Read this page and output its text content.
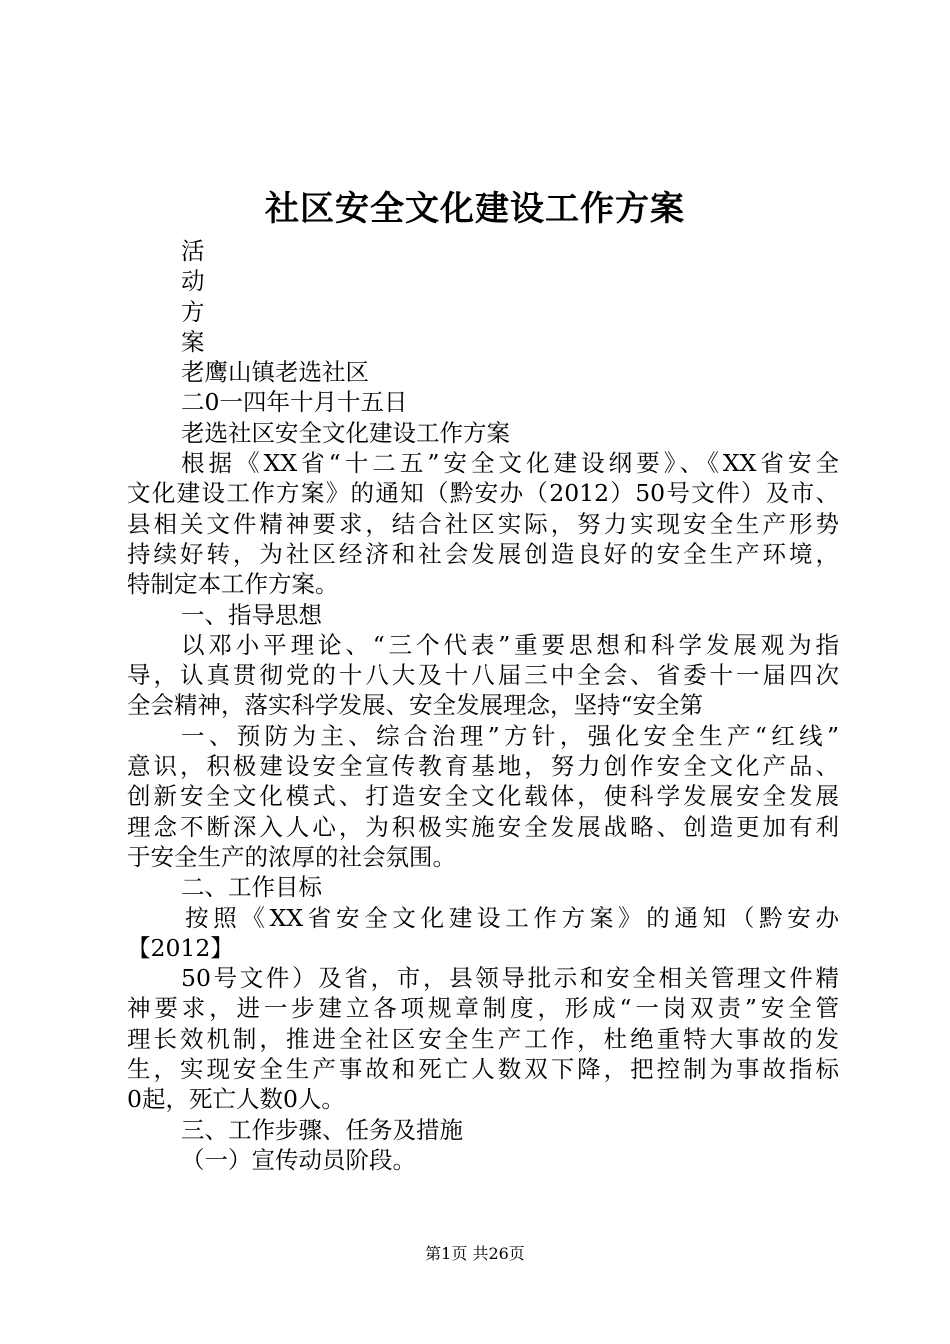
社区安全文化建设工作方案
活
动
方
案
老鹰山镇老选社区
二0一四年十月十五日
老选社区安全文化建设工作方案
根据《XX省“十二五”安全文化建设纲要》、《XX省安全
文化建设工作方案》的通知（黔安办（2012）50号文件）及市、
县相关文件精神要求，结合社区实际，努力实现安全生产形势
持续好转，为社区经济和社会发展创造良好的安全生产环境，
特制定本工作方案。
一、指导思想
以邓小平理论、“三个代表”重要思想和科学发展观为指
导，认真贯彻党的十八大及十八届三中全会、省委十一届四次
全会精神，落实科学发展、安全发展理念，坚持“安全第
一、预防为主、综合治理”方针，强化安全生产“红线”
意识，积极建设安全宣传教育基地，努力创作安全文化产品、
创新安全文化模式、打造安全文化载体，使科学发展安全发展
理念不断深入人心，为积极实施安全发展战略、创造更加有利
于安全生产的浓厚的社会氛围。
二、工作目标
按照《XX省安全文化建设工作方案》的通知（黔安办
【2012】
50号文件）及省，市，县领导批示和安全相关管理文件精
神要求，进一步建立各项规章制度，形成“一岗双责”安全管
理长效机制，推进全社区安全生产工作，杜绝重特大事故的发
生，实现安全生产事故和死亡人数双下降，把控制为事故指标
0起，死亡人数0人。
三、工作步骤、任务及措施
（一）宣传动员阶段。
第1页 共26页
